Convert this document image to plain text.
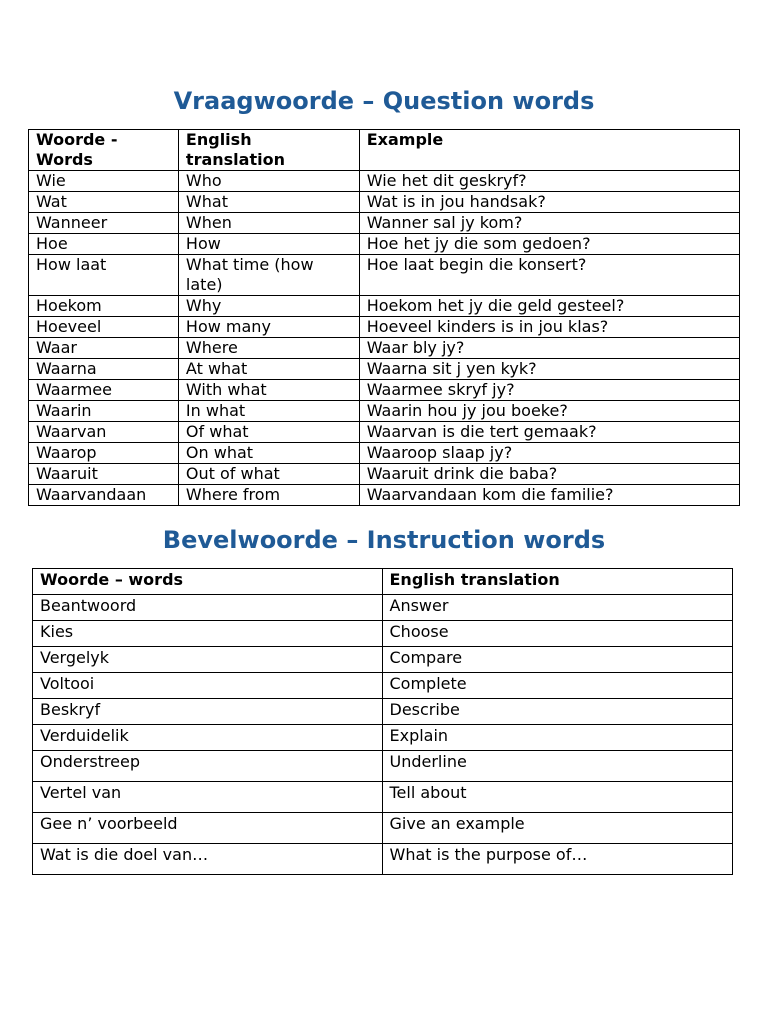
Vraagwoorde – Question words
Woorde - Words	English translation	Example
Wie	Who	Wie het dit geskryf?
Wat	What	Wat is in jou handsak?
Wanneer	When	Wanner sal jy kom?
Hoe	How	Hoe het jy die som gedoen?
How laat	What time (how late)	Hoe laat begin die konsert?
Hoekom	Why	Hoekom het jy die geld gesteel?
Hoeveel	How many	Hoeveel kinders is in jou klas?
Waar	Where	Waar bly jy?
Waarna	At what	Waarna sit j yen kyk?
Waarmee	With what	Waarmee skryf jy?
Waarin	In what	Waarin hou jy jou boeke?
Waarvan	Of what	Waarvan is die tert gemaak?
Waarop	On what	Waaroop slaap jy?
Waaruit	Out of what	Waaruit drink die baba?
Waarvandaan	Where from	Waarvandaan kom die familie?
Bevelwoorde – Instruction words
Woorde – words	English translation
Beantwoord	Answer
Kies	Choose
Vergelyk	Compare
Voltooi	Complete
Beskryf	Describe
Verduidelik	Explain
Onderstreep	Underline
Vertel van	Tell about
Gee n’ voorbeeld	Give an example
Wat is die doel van…	What is the purpose of…
